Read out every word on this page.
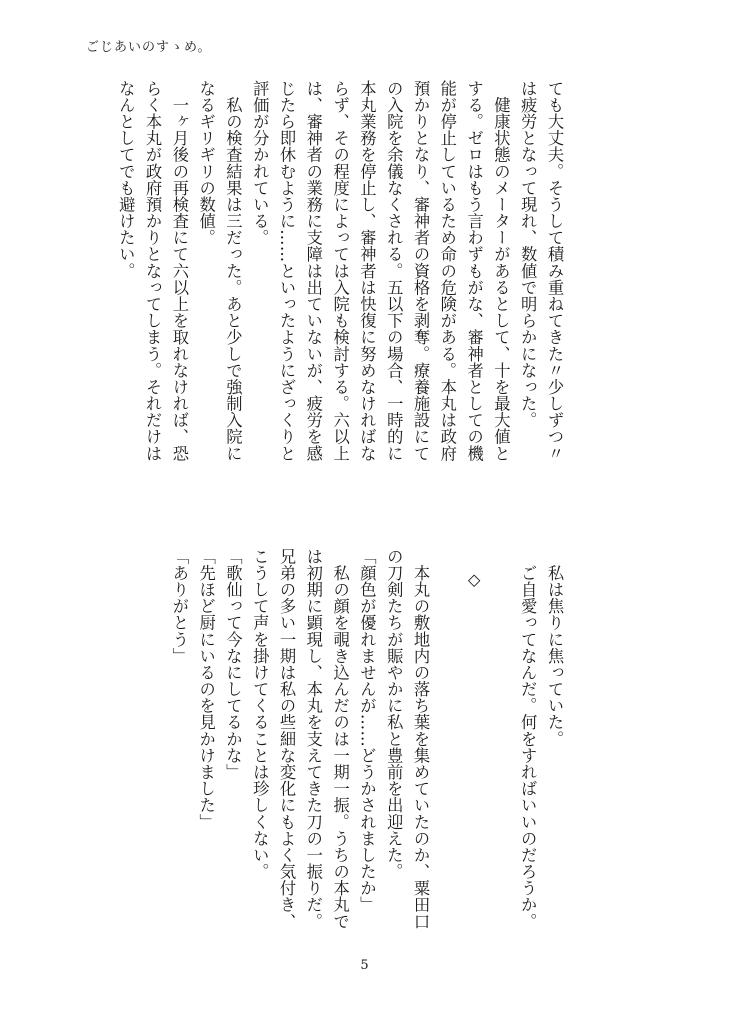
ごじあいのすゝめ。
ても大丈夫。そうして積み重ねてきた〃少しずつ〃
は疲労となって現れ、数値で明らかになった。
　健康状態のメーターがあるとして、十を最大値と
する。ゼロはもう言わずもがな、審神者としての機
能が停止しているため命の危険がある。本丸は政府
預かりとなり、審神者の資格を剥奪。療養施設にて
の入院を余儀なくされる。五以下の場合、一時的に
本丸業務を停止し、審神者は快復に努めなければな
らず、その程度によっては入院も検討する。六以上
は、審神者の業務に支障は出ていないが、疲労を感
じたら即休むように……といったようにざっくりと
評価が分かれている。
　私の検査結果は三だった。あと少しで強制入院に
なるギリギリの数値。
　一ヶ月後の再検査にて六以上を取れなければ、恐
らく本丸が政府預かりとなってしまう。それだけは
なんとしてでも避けたい。
　私は焦りに焦っていた。
　ご自愛ってなんだ。何をすればいいのだろうか。

◇

　本丸の敷地内の落ち葉を集めていたのか、粟田口
の刀剣たちが賑やかに私と豊前を出迎えた。
「顔色が優れませんが……どうかされましたか」
　私の顔を覗き込んだのは一期一振。うちの本丸で
は初期に顕現し、本丸を支えてきた刀の一振りだ。
兄弟の多い一期は私の些細な変化にもよく気付き、
こうして声を掛けてくることは珍しくない。
「歌仙って今なにしてるかな」
「先ほど厨にいるのを見かけました」
「ありがとう」
5
